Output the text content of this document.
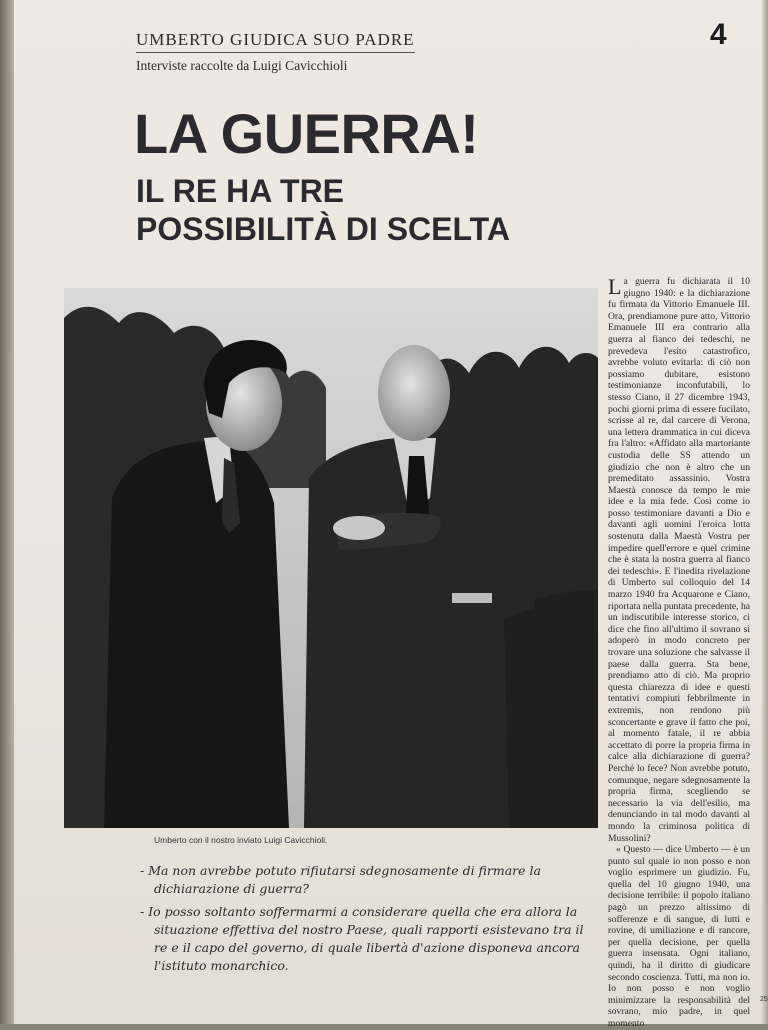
UMBERTO GIUDICA SUO PADRE
Interviste raccolte da Luigi Cavicchioli
4
LA GUERRA!
IL RE HA TRE
POSSIBILITÀ DI SCELTA
Umberto con il nostro inviato Luigi Cavicchioli.

- Ma non avrebbe potuto rifiutarsi sdegnosamente di firmare la dichiarazione di guerra?

- Io posso soltanto soffermarmi a considerare quella che era allora la situazione effettiva del nostro Paese, quali rapporti esistevano tra il re e il capo del governo, di quale libertà d'azione disponeva ancora l'istituto monarchico.

La guerra fu dichiarata il 10 giugno 1940: e la dichiarazione fu firmata da Vittorio Emanuele III. Ora, prendiamone pure atto, Vittorio Emanuele III era contrario alla guerra al fianco dei tedeschi, ne prevedeva l'esito catastrofico, avrebbe voluto evitarla: di ciò non possiamo dubitare, esistono testimonianze inconfutabili, lo stesso Ciano, il 27 dicembre 1943, pochi giorni prima di essere fucilato, scrisse al re, dal carcere di Verona, una lettera drammatica in cui diceva fra l'altro: «Affidato alla martoriante custodia delle SS attendo un giudizio che non è altro che un premeditato assassinio. Vostra Maestà conosce da tempo le mie idee e la mia fede. Così come io posso testimoniare davanti a Dio e davanti agli uomini l'eroica lotta sostenuta dalla Maestà Vostra per impedire quell'errore e quel crimine che è stata la nostra guerra al fianco dei tedeschi». E l'inedita rivelazione di Umberto sul colloquio del 14 marzo 1940 fra Acquarone e Ciano, riportata nella puntata precedente, ha un indiscutibile interesse storico, ci dice che fino all'ultimo il sovrano si adoperò in modo concreto per trovare una soluzione che salvasse il paese dalla guerra. Sta bene, prendiamo atto di ciò. Ma proprio questa chiarezza di idee e questi tentativi compiuti febbrilmente in extremis, non rendono più sconcertante e grave il fatto che poi, al momento fatale, il re abbia accettato di porre la propria firma in calce alla dichiarazione di guerra? Perché lo fece? Non avrebbe potuto, comunque, negare sdegnosamente la propria firma, scegliendo se necessario la via dell'esilio, ma denunciando in tal modo davanti al mondo la criminosa politica di Mussolini?

« Questo — dice Umberto — è un punto sul quale io non posso e non voglio esprimere un giudizio. Fu, quella del 10 giugno 1940, una decisione terribile: il popolo italiano pagò un prezzo altissimo di sofferenze e di sangue, di lutti e rovine, di umiliazione e di rancore, per quella decisione, per quella guerra insensata. Ogni italiano, quindi, ha il diritto di giudicare secondo coscienza. Tutti, ma non io. Io non posso e non voglio minimizzare la responsabilità del sovrano, mio padre, in quel momento

25
